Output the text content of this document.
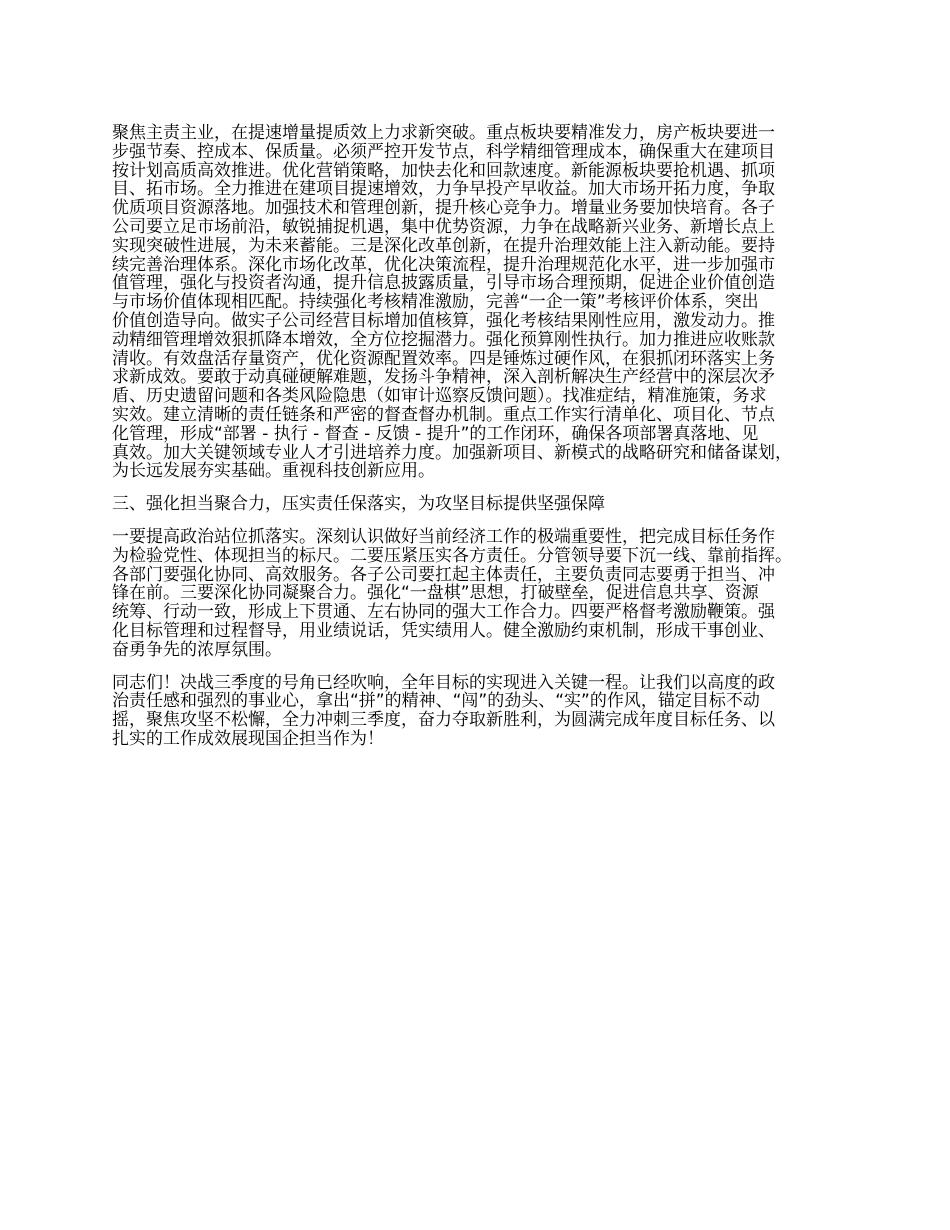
聚焦主责主业，在提速增量提质效上力求新突破。重点板块要精准发力，房产板块要进一
步强节奏、控成本、保质量。必须严控开发节点，科学精细管理成本，确保重大在建项目
按计划高质高效推进。优化营销策略，加快去化和回款速度。新能源板块要抢机遇、抓项
目、拓市场。全力推进在建项目提速增效，力争早投产早收益。加大市场开拓力度，争取
优质项目资源落地。加强技术和管理创新，提升核心竞争力。增量业务要加快培育。各子
公司要立足市场前沿，敏锐捕捉机遇，集中优势资源，力争在战略新兴业务、新增长点上
实现突破性进展，为未来蓄能。三是深化改革创新，在提升治理效能上注入新动能。要持
续完善治理体系。深化市场化改革，优化决策流程，提升治理规范化水平，进一步加强市
值管理，强化与投资者沟通，提升信息披露质量，引导市场合理预期，促进企业价值创造
与市场价值体现相匹配。持续强化考核精准激励，完善“一企一策”考核评价体系，突出
价值创造导向。做实子公司经营目标增加值核算，强化考核结果刚性应用，激发动力。推
动精细管理增效狠抓降本增效，全方位挖掘潜力。强化预算刚性执行。加力推进应收账款
清收。有效盘活存量资产，优化资源配置效率。四是锤炼过硬作风，在狠抓闭环落实上务
求新成效。要敢于动真碰硬解难题，发扬斗争精神，深入剖析解决生产经营中的深层次矛
盾、历史遗留问题和各类风险隐患（如审计巡察反馈问题）。找准症结，精准施策，务求
实效。建立清晰的责任链条和严密的督查督办机制。重点工作实行清单化、项目化、节点
化管理，形成“部署 - 执行 - 督查 - 反馈 - 提升”的工作闭环，确保各项部署真落地、见
真效。加大关键领域专业人才引进培养力度。加强新项目、新模式的战略研究和储备谋划，
为长远发展夯实基础。重视科技创新应用。
三、强化担当聚合力，压实责任保落实，为攻坚目标提供坚强保障
一要提高政治站位抓落实。深刻认识做好当前经济工作的极端重要性，把完成目标任务作
为检验党性、体现担当的标尺。二要压紧压实各方责任。分管领导要下沉一线、靠前指挥。
各部门要强化协同、高效服务。各子公司要扛起主体责任，主要负责同志要勇于担当、冲
锋在前。三要深化协同凝聚合力。强化“一盘棋”思想，打破壁垒，促进信息共享、资源
统筹、行动一致，形成上下贯通、左右协同的强大工作合力。四要严格督考激励鞭策。强
化目标管理和过程督导，用业绩说话，凭实绩用人。健全激励约束机制，形成干事创业、
奋勇争先的浓厚氛围。
同志们！决战三季度的号角已经吹响，全年目标的实现进入关键一程。让我们以高度的政
治责任感和强烈的事业心，拿出“拼”的精神、“闯”的劲头、“实”的作风，锚定目标不动
摇，聚焦攻坚不松懈，全力冲刺三季度，奋力夺取新胜利，为圆满完成年度目标任务、以
扎实的工作成效展现国企担当作为！
